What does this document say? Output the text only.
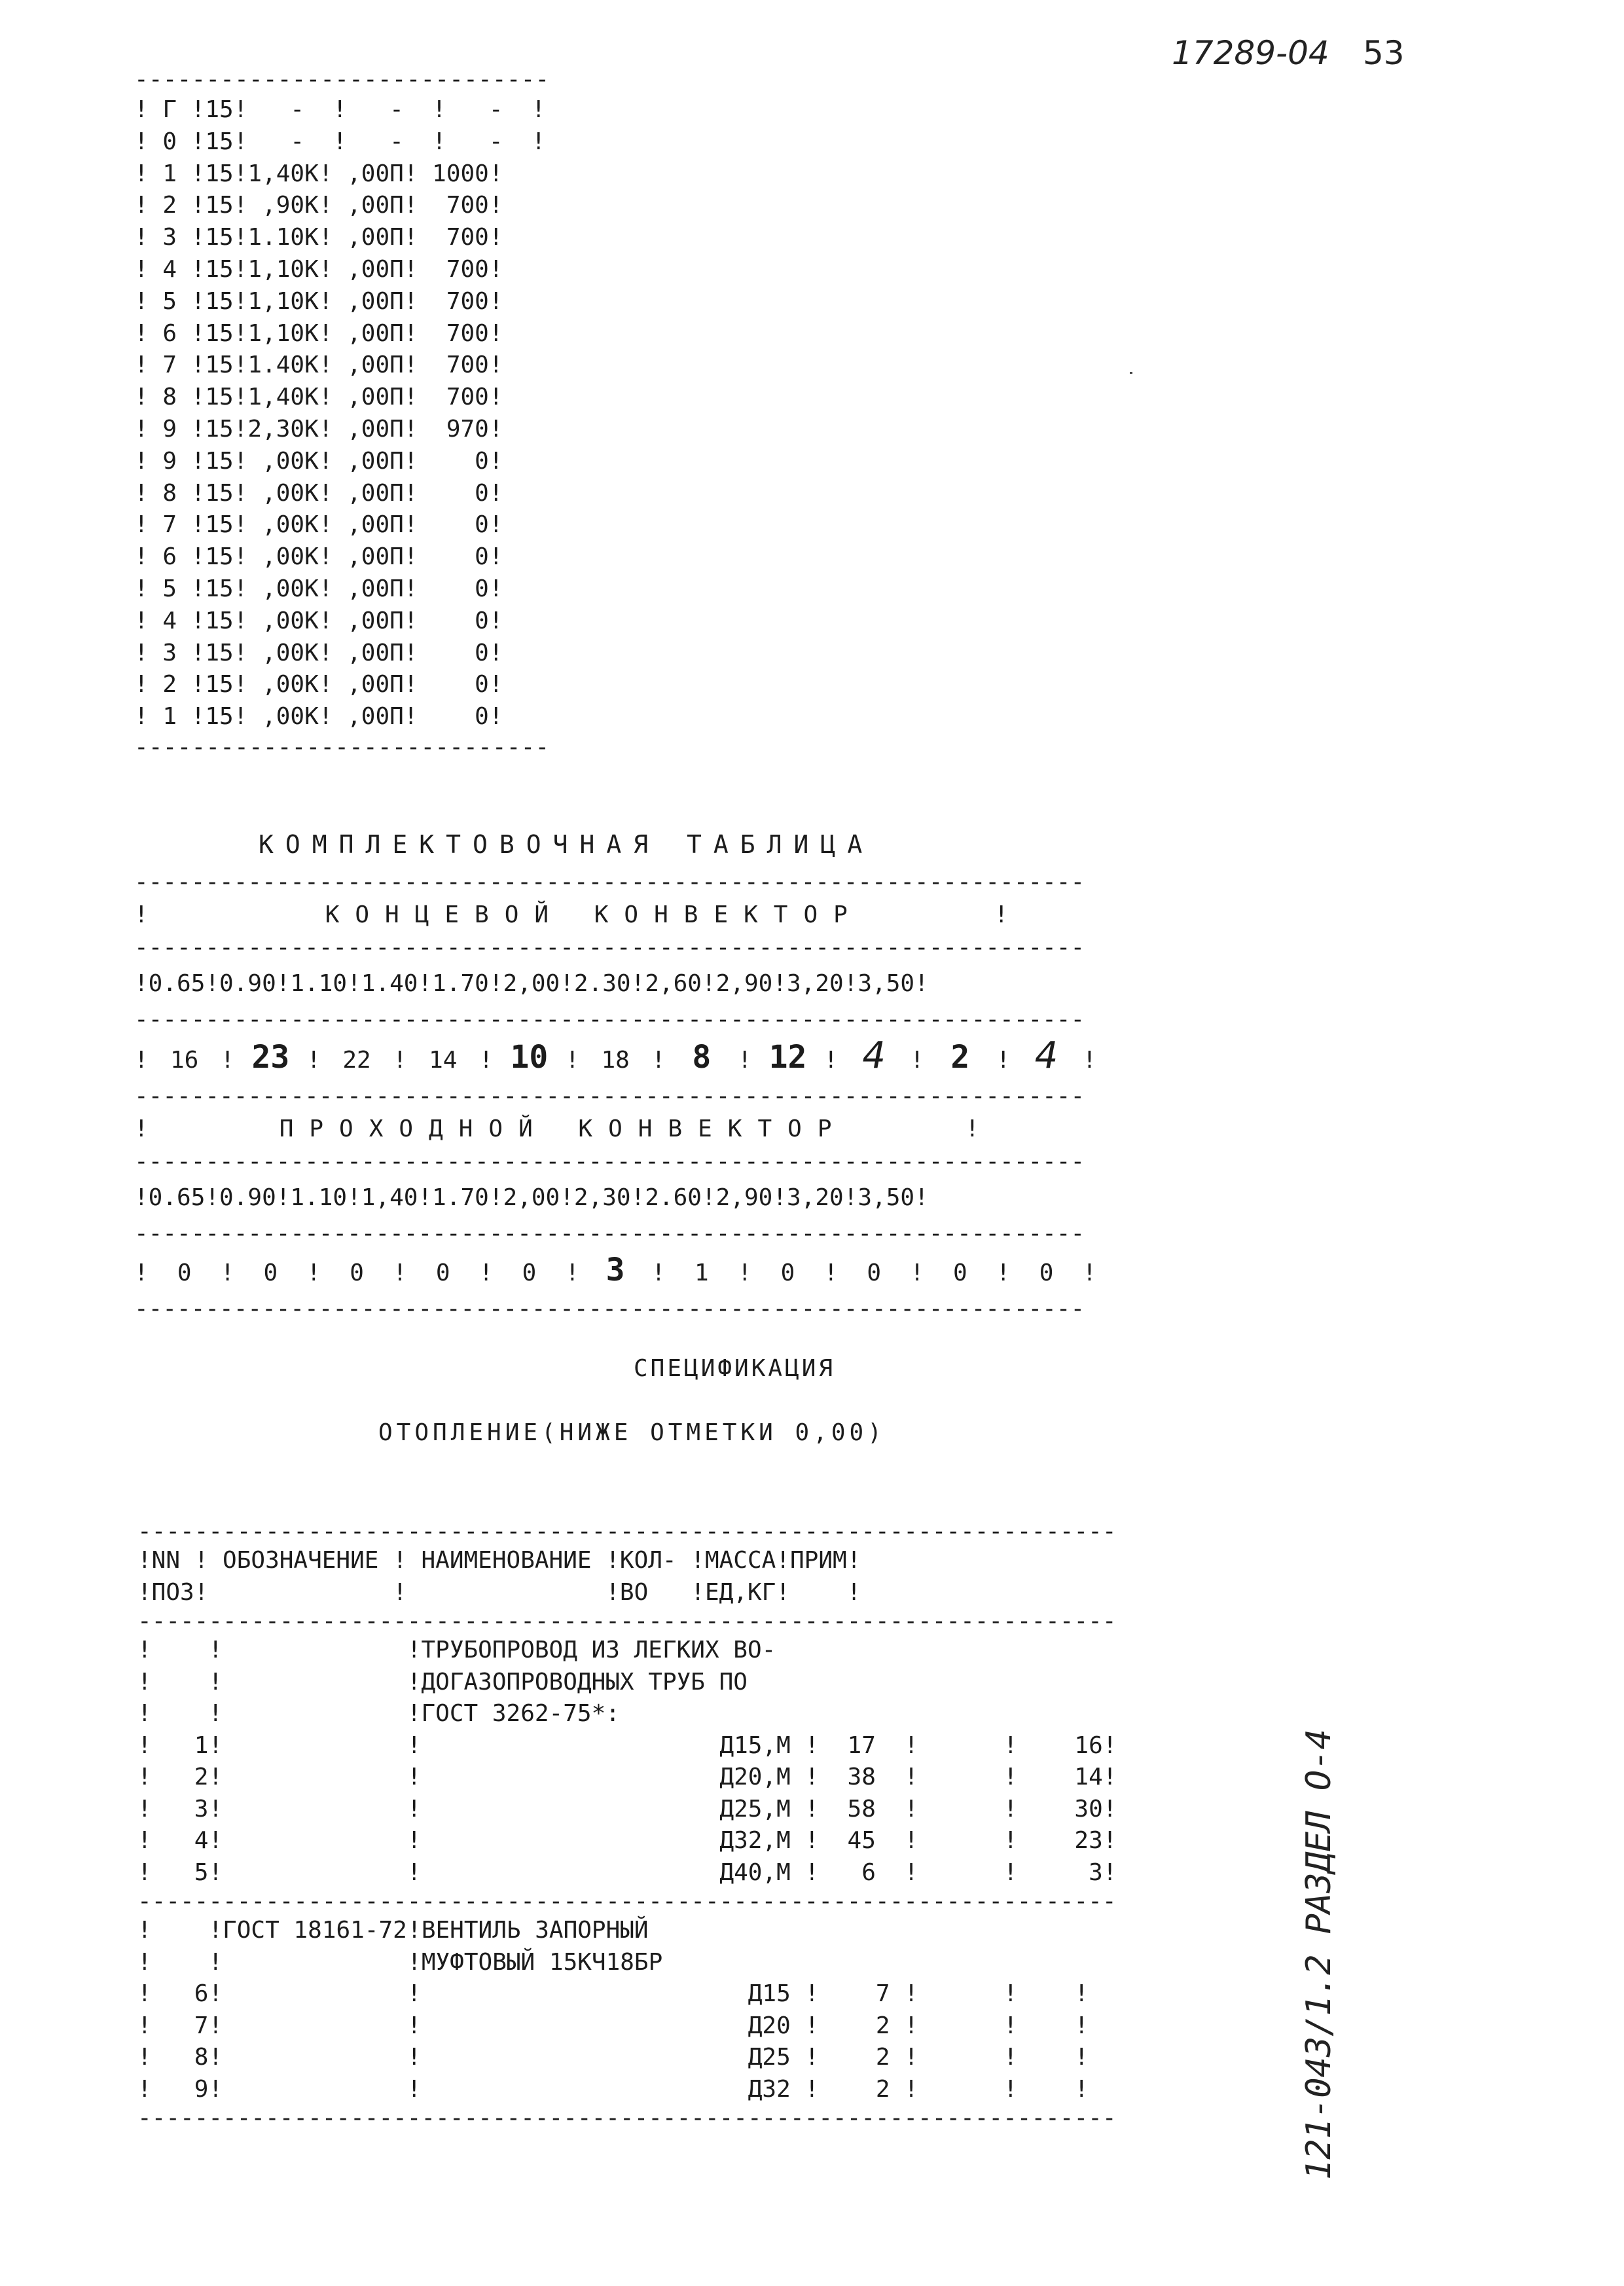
17289-04 53
-----------------------------
! Г !15!   -  !   -  !   -  !
! 0 !15!   -  !   -  !   -  !
! 1 !15!1,40К! ,00П! 1000!
! 2 !15! ,90К! ,00П!  700!
! 3 !15!1.10К! ,00П!  700!
! 4 !15!1,10К! ,00П!  700!
! 5 !15!1,10К! ,00П!  700!
! 6 !15!1,10К! ,00П!  700!
! 7 !15!1.40К! ,00П!  700!
! 8 !15!1,40К! ,00П!  700!
! 9 !15!2,30К! ,00П!  970!
! 9 !15! ,00К! ,00П!    0!
! 8 !15! ,00К! ,00П!    0!
! 7 !15! ,00К! ,00П!    0!
! 6 !15! ,00К! ,00П!    0!
! 5 !15! ,00К! ,00П!    0!
! 4 !15! ,00К! ,00П!    0!
! 3 !15! ,00К! ,00П!    0!
! 2 !15! ,00К! ,00П!    0!
! 1 !15! ,00К! ,00П!    0!
-----------------------------
КОМПЛЕКТОВОЧНАЯ ТАБЛИЦА
-------------------------------------------------------------------
!	КОНЦЕВОЙ КОНВЕКТОР	!
-------------------------------------------------------------------
!0.65!0.90!1.10!1.40!1.70!2,00!2.30!2,60!2,90!3,20!3,50!
-------------------------------------------------------------------
! 16 ! 23 ! 22 ! 14 ! 10 ! 18 ! 8 ! 12 ! 4 ! 2 ! 4 !
-------------------------------------------------------------------
!	ПРОХОДНОЙ КОНВЕКТОР	!
-------------------------------------------------------------------
!0.65!0.90!1.10!1,40!1.70!2,00!2,30!2.60!2,90!3,20!3,50!
-------------------------------------------------------------------
! 0 ! 0 ! 0 ! 0 ! 0 ! 3 ! 1 ! 0 ! 0 ! 0 ! 0 !
-------------------------------------------------------------------
СПЕЦИФИКАЦИЯ
ОТОПЛЕНИЕ(НИЖЕ ОТМЕТКИ 0,00)
---------------------------------------------------------------------
!NN ! ОБОЗНАЧЕНИЕ ! НАИМЕНОВАНИЕ !КОЛ- !МАССА!ПРИМ!
!ПОЗ!             !              !ВО   !ЕД,КГ!    !
---------------------------------------------------------------------
!    !             !ТРУБОПРОВОД ИЗ ЛЕГКИХ ВО-
!    !             !ДОГАЗОПРОВОДНЫХ ТРУБ ПО
!    !             !ГОСТ 3262-75*:
! 1!             !	Д15,М ! 17  !      !   16!
! 2!             !	Д20,М ! 38  !      !   14!
! 3!             !	Д25,М ! 58  !      !   30!
! 4!             !	Д32,М ! 45  !      !   23!
! 5!             !	Д40,М ! 6  !      !   3!
---------------------------------------------------------------------
!    !ГОСТ 18161-72!ВЕНТИЛЬ ЗАПОРНЫЙ
!    !	!МУФТОВЫЙ 15КЧ18БР
! 6!             !	Д15 !  7 !      !    !
! 7!             !	Д20 !  2 !      !    !
! 8!             !	Д25 !  2 !      !    !
! 9!             !	Д32 !  2 !      !    !
---------------------------------------------------------------------	121-043/1.2 РАЗДЕЛ О-4
